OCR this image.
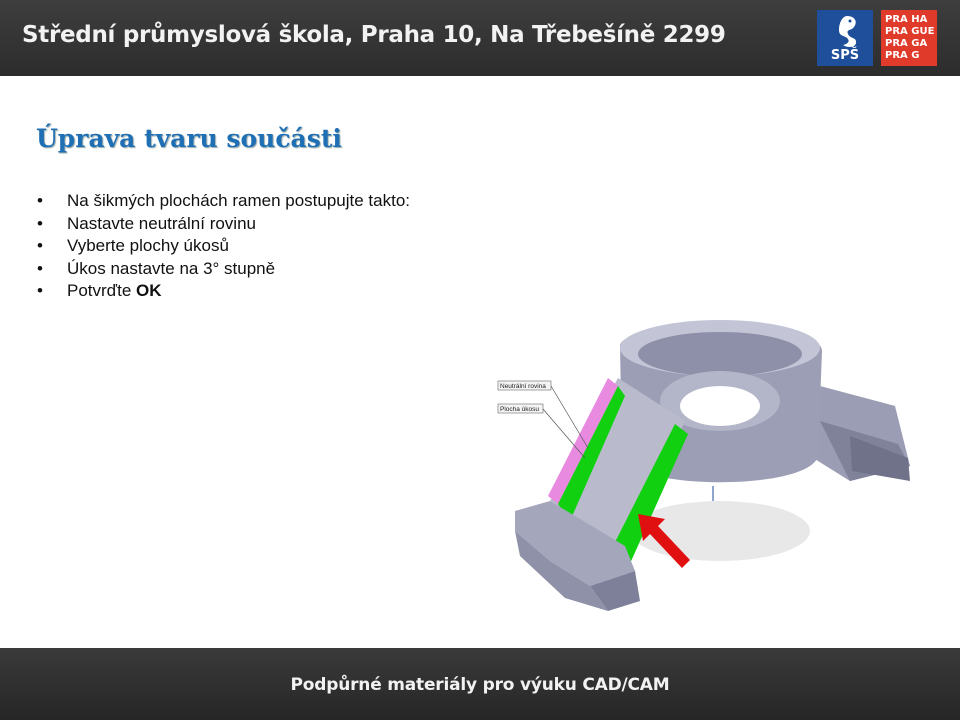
Střední průmyslová škola, Praha 10, Na Třebešíně 2299
SPŠ
PRA HA
PRA GUE
PRA GA
PRA G
Úprava tvaru součásti
• Na šikmých plochách ramen postupujte takto:
• Nastavte neutrální rovinu
• Vyberte plochy úkosů
• Úkos nastavte na 3° stupně
• Potvrďte OK
Neutrální rovina
Plocha úkosu
Podpůrné materiály pro výuku CAD/CAM
